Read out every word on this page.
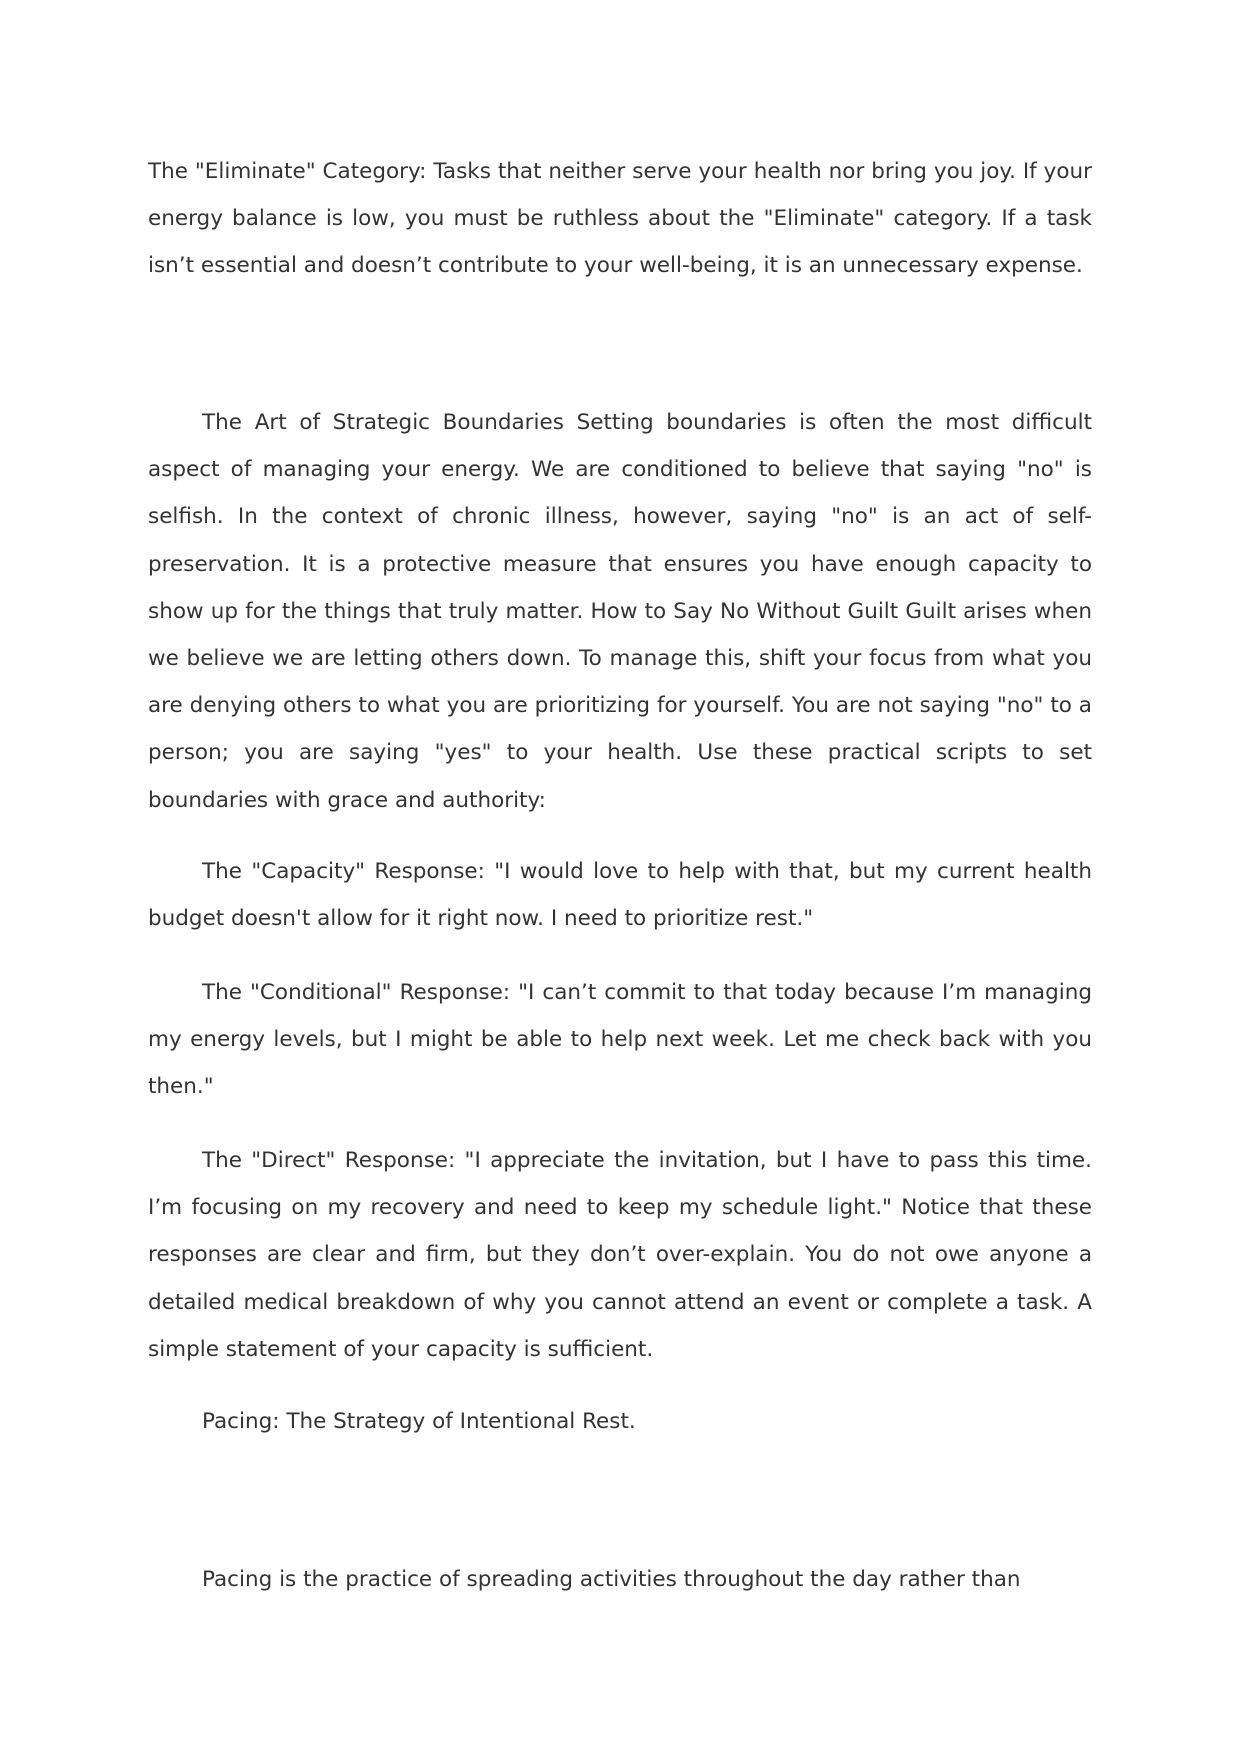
The "Eliminate" Category: Tasks that neither serve your health nor bring you joy. If your energy balance is low, you must be ruthless about the "Eliminate" category. If a task isn’t essential and doesn’t contribute to your well-being, it is an unnecessary expense.

The Art of Strategic Boundaries Setting boundaries is often the most difficult aspect of managing your energy. We are conditioned to believe that saying "no" is selfish. In the context of chronic illness, however, saying "no" is an act of self-preservation. It is a protective measure that ensures you have enough capacity to show up for the things that truly matter. How to Say No Without Guilt Guilt arises when we believe we are letting others down. To manage this, shift your focus from what you are denying others to what you are prioritizing for yourself. You are not saying "no" to a person; you are saying "yes" to your health. Use these practical scripts to set boundaries with grace and authority:

The "Capacity" Response: "I would love to help with that, but my current health budget doesn't allow for it right now. I need to prioritize rest."

The "Conditional" Response: "I can’t commit to that today because I’m managing my energy levels, but I might be able to help next week. Let me check back with you then."

The "Direct" Response: "I appreciate the invitation, but I have to pass this time. I’m focusing on my recovery and need to keep my schedule light." Notice that these responses are clear and firm, but they don’t over-explain. You do not owe anyone a detailed medical breakdown of why you cannot attend an event or complete a task. A simple statement of your capacity is sufficient.

Pacing: The Strategy of Intentional Rest.

Pacing is the practice of spreading activities throughout the day rather than
